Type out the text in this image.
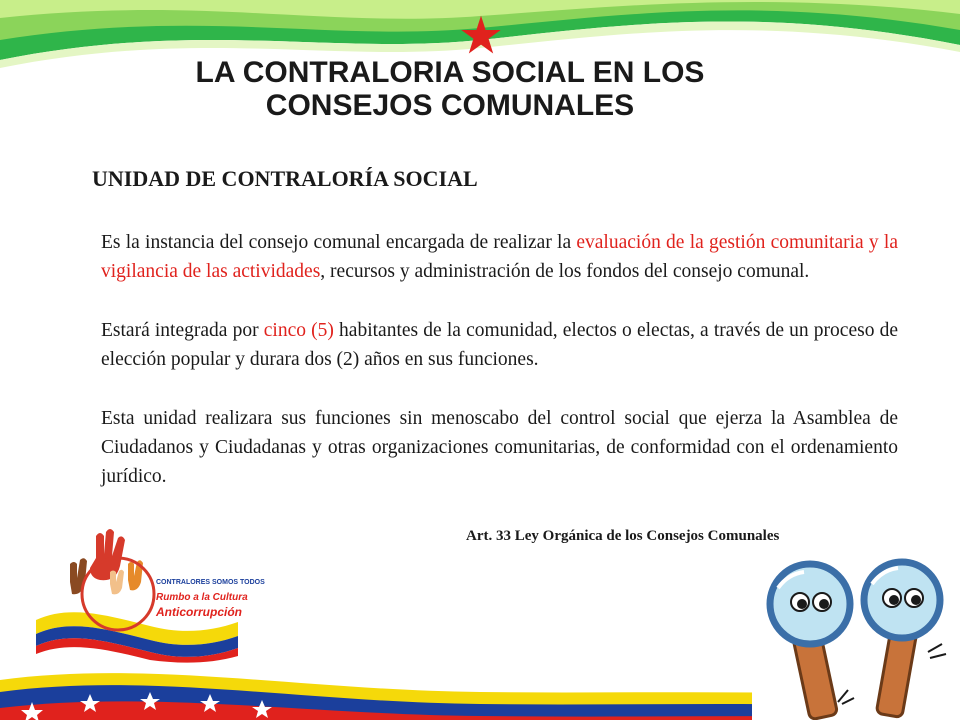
LA CONTRALORIA SOCIAL EN LOS
CONSEJOS COMUNALES
UNIDAD DE CONTRALORÍA SOCIAL

Es la instancia del consejo comunal encargada de realizar la evaluación de la gestión comunitaria y la vigilancia de las actividades, recursos y administración de los fondos del consejo comunal.

Estará integrada por cinco (5) habitantes de la comunidad, electos o electas, a través de un proceso de elección popular y durara dos (2) años en sus funciones.

Esta unidad realizara sus funciones sin menoscabo del control social que ejerza la Asamblea de Ciudadanos y Ciudadanas y otras organizaciones comunitarias, de conformidad con el ordenamiento jurídico.

Art. 33 Ley Orgánica de los Consejos Comunales
CONTRALORES SOMOS TODOS
Rumbo a la Cultura
Anticorrupción
